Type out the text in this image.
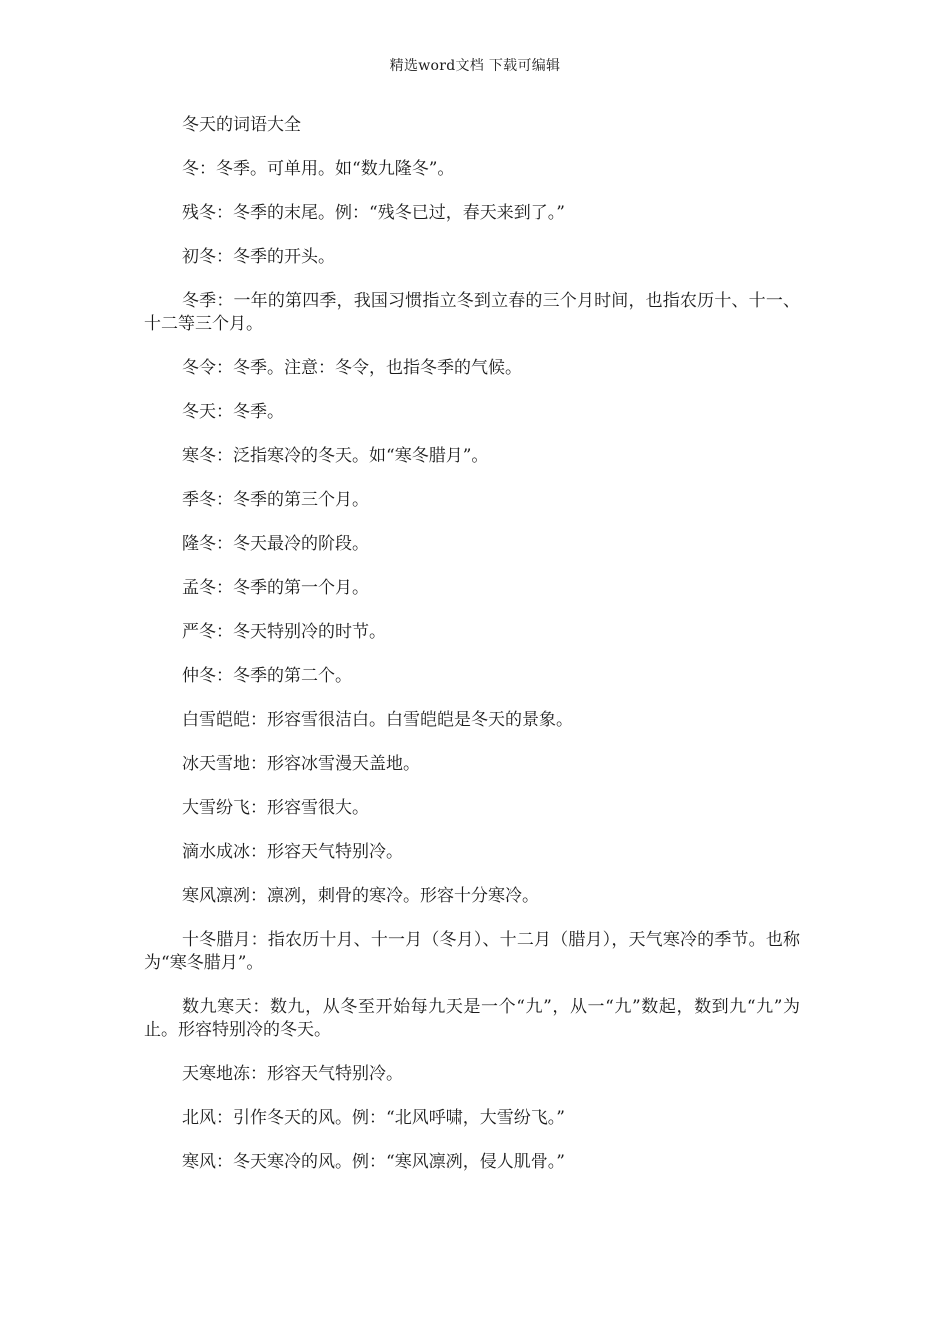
精选word文档 下载可编辑

冬天的词语大全

冬：冬季。可单用。如“数九隆冬”。

残冬：冬季的末尾。例：“残冬已过，春天来到了。”

初冬：冬季的开头。

冬季：一年的第四季，我国习惯指立冬到立春的三个月时间，也指农历十、十一、十二等三个月。

冬令：冬季。注意：冬令，也指冬季的气候。

冬天：冬季。

寒冬：泛指寒冷的冬天。如“寒冬腊月”。

季冬：冬季的第三个月。

隆冬：冬天最冷的阶段。

孟冬：冬季的第一个月。

严冬：冬天特别冷的时节。

仲冬：冬季的第二个。

白雪皑皑：形容雪很洁白。白雪皑皑是冬天的景象。

冰天雪地：形容冰雪漫天盖地。

大雪纷飞：形容雪很大。

滴水成冰：形容天气特别冷。

寒风凛冽：凛冽，刺骨的寒冷。形容十分寒冷。

十冬腊月：指农历十月、十一月（冬月）、十二月（腊月），天气寒冷的季节。也称为“寒冬腊月”。

数九寒天：数九，从冬至开始每九天是一个“九”，从一“九”数起，数到九“九”为止。形容特别冷的冬天。

天寒地冻：形容天气特别冷。

北风：引作冬天的风。例：“北风呼啸，大雪纷飞。”

寒风：冬天寒冷的风。例：“寒风凛冽，侵人肌骨。”
